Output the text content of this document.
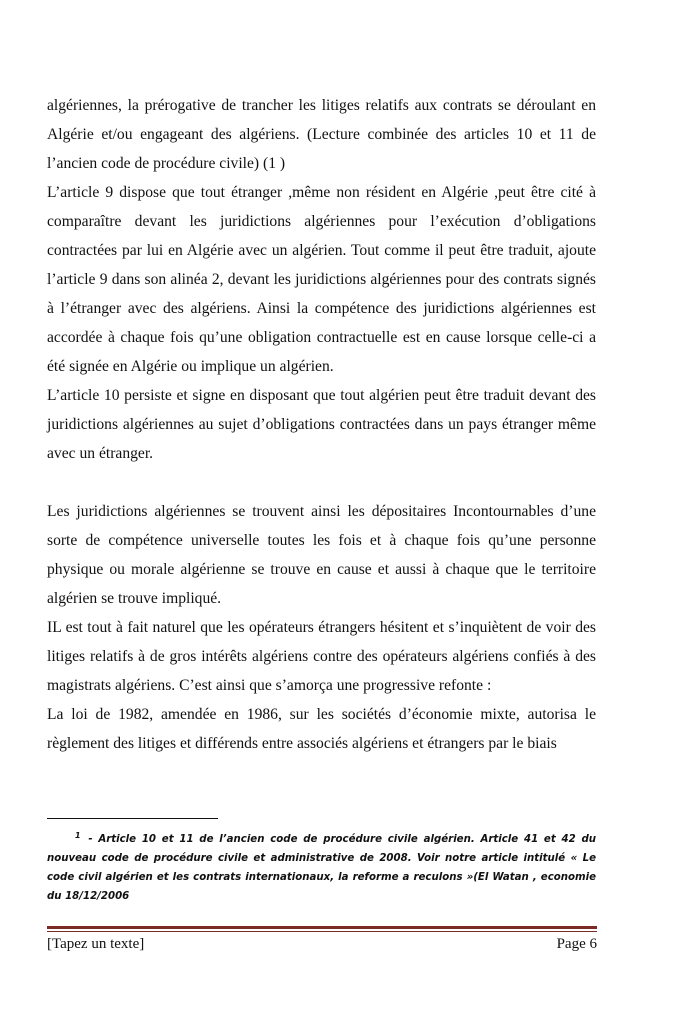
algériennes, la prérogative de trancher les litiges relatifs aux contrats se déroulant en Algérie et/ou engageant des algériens. (Lecture combinée des articles 10 et 11 de l’ancien code de procédure civile) (1 )

L’article 9 dispose que tout étranger ,même non résident en Algérie ,peut être cité à comparaître devant les juridictions algériennes pour l’exécution d’obligations contractées par lui en Algérie avec un algérien. Tout comme il peut être traduit, ajoute l’article 9 dans son alinéa 2, devant les juridictions algériennes pour des contrats signés à l’étranger avec des algériens. Ainsi la compétence des juridictions algériennes est accordée à chaque fois qu’une obligation contractuelle est en cause lorsque celle-ci a été signée en Algérie ou implique un algérien.

L’article 10 persiste et signe en disposant que tout algérien peut être traduit devant des juridictions algériennes au sujet d’obligations contractées dans un pays étranger même avec un étranger.

Les juridictions algériennes se trouvent ainsi les dépositaires Incontournables d’une sorte de compétence universelle toutes les fois et à chaque fois qu’une personne physique ou morale algérienne se trouve en cause et aussi à chaque que le territoire algérien se trouve impliqué.

IL est tout à fait naturel que les opérateurs étrangers hésitent et s’inquiètent de voir des litiges relatifs à de gros intérêts algériens contre des opérateurs algériens confiés à des magistrats algériens. C’est ainsi que s’amorça une progressive refonte :

La loi de 1982, amendée en 1986, sur les sociétés d’économie mixte, autorisa le règlement des litiges et différends entre associés algériens et étrangers par le biais

$^1$ - Article 10 et 11 de l’ancien code de procédure civile algérien. Article 41 et 42 du nouveau code de procédure civile et administrative de 2008. Voir notre article intitulé « Le code civil algérien et les contrats internationaux, la reforme a reculons »(El Watan , economie du 18/12/2006
[Tapez un texte]	Page 6
